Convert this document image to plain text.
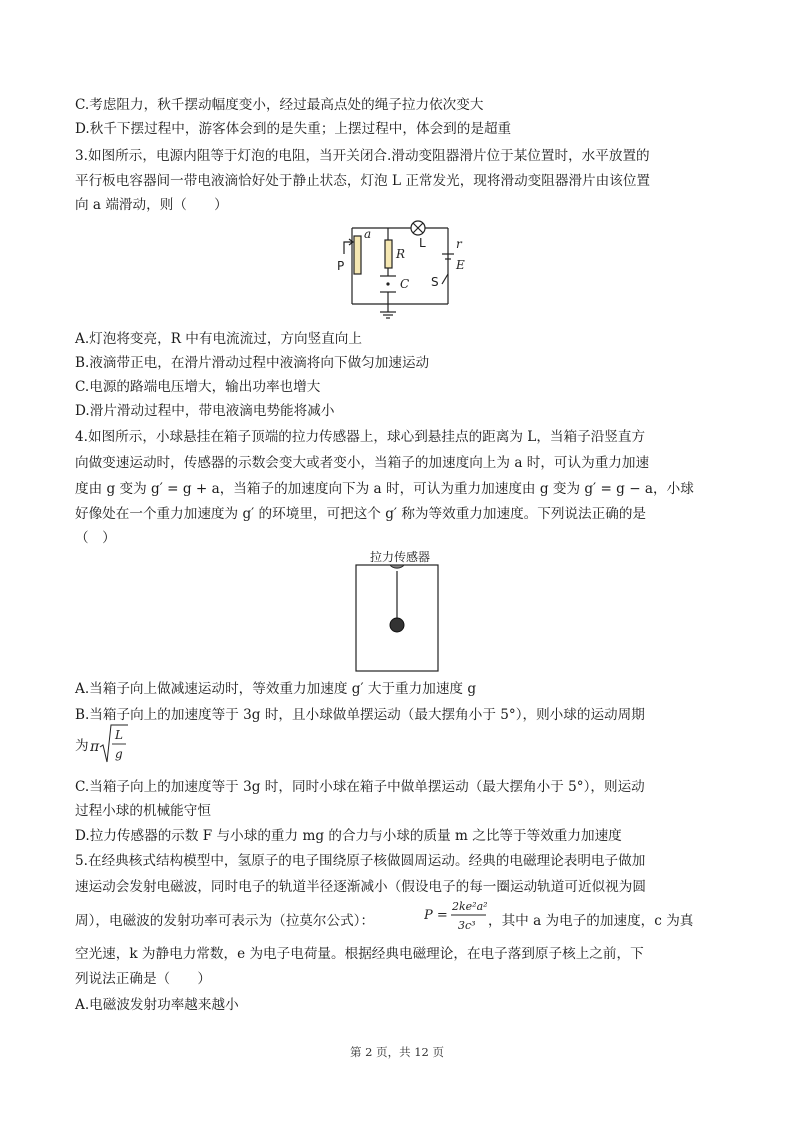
C.考虑阻力，秋千摆动幅度变小，经过最高点处的绳子拉力依次变大
D.秋千下摆过程中，游客体会到的是失重；上摆过程中，体会到的是超重
3.如图所示，电源内阻等于灯泡的电阻，当开关闭合.滑动变阻器滑片位于某位置时，水平放置的
平行板电容器间一带电液滴恰好处于静止状态，灯泡 L 正常发光，现将滑动变阻器滑片由该位置
向 a 端滑动，则（　　）
a
R
r
E
C
L
P
S
A.灯泡将变亮，R 中有电流流过，方向竖直向上
B.液滴带正电，在滑片滑动过程中液滴将向下做匀加速运动
C.电源的路端电压增大，输出功率也增大
D.滑片滑动过程中，带电液滴电势能将减小
4.如图所示，小球悬挂在箱子顶端的拉力传感器上，球心到悬挂点的距离为 L，当箱子沿竖直方
向做变速运动时，传感器的示数会变大或者变小，当箱子的加速度向上为 a 时，可认为重力加速
度由 g 变为 g′ = g + a，当箱子的加速度向下为 a 时，可认为重力加速度由 g 变为 g′ = g − a，小球
好像处在一个重力加速度为 g′ 的环境里，可把这个 g′ 称为等效重力加速度。下列说法正确的是
（　）
拉力传感器
A.当箱子向上做减速运动时，等效重力加速度 g′ 大于重力加速度 g
B.当箱子向上的加速度等于 3g 时，且小球做单摆运动（最大摆角小于 5°），则小球的运动周期
为 π
L
g
C.当箱子向上的加速度等于 3g 时，同时小球在箱子中做单摆运动（最大摆角小于 5°），则运动
过程小球的机械能守恒
D.拉力传感器的示数 F 与小球的重力 mg 的合力与小球的质量 m 之比等于等效重力加速度
5.在经典核式结构模型中，氢原子的电子围绕原子核做圆周运动。经典的电磁理论表明电子做加
速运动会发射电磁波，同时电子的轨道半径逐渐减小（假设电子的每一圈运动轨道可近似视为圆
周），电磁波的发射功率可表示为（拉莫尔公式）：	P =
2ke²a²
3c³ ，其中 a 为电子的加速度，c 为真
空光速，k 为静电力常数，e 为电子电荷量。根据经典电磁理论，在电子落到原子核上之前，下
列说法正确是（　　）
A.电磁波发射功率越来越小
第 2 页，共 12 页
